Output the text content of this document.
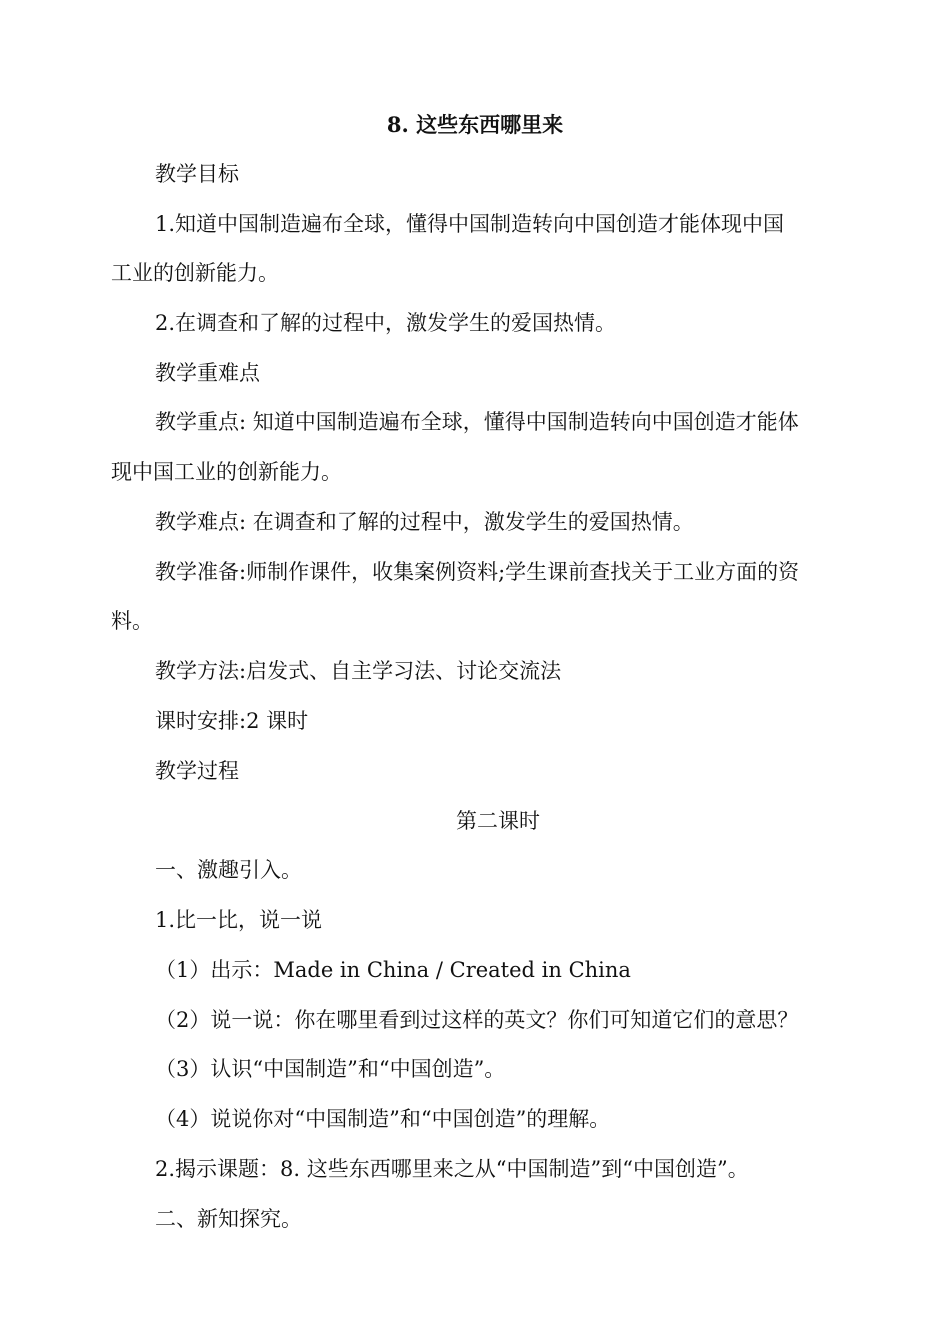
8. 这些东西哪里来
教学目标
1.知道中国制造遍布全球，懂得中国制造转向中国创造才能体现中国
工业的创新能力。
2.在调查和了解的过程中，激发学生的爱国热情。
教学重难点
教学重点: 知道中国制造遍布全球，懂得中国制造转向中国创造才能体
现中国工业的创新能力。
教学难点: 在调查和了解的过程中，激发学生的爱国热情。
教学准备:师制作课件，收集案例资料;学生课前查找关于工业方面的资
料。
教学方法:启发式、自主学习法、讨论交流法
课时安排:2 课时
教学过程
第二课时
一、激趣引入。
1.比一比，说一说
（1）出示：Made in China / Created in China
（2）说一说：你在哪里看到过这样的英文？你们可知道它们的意思？
（3）认识“中国制造”和“中国创造”。
（4）说说你对“中国制造”和“中国创造”的理解。
2.揭示课题：8. 这些东西哪里来之从“中国制造”到“中国创造”。
二、新知探究。
